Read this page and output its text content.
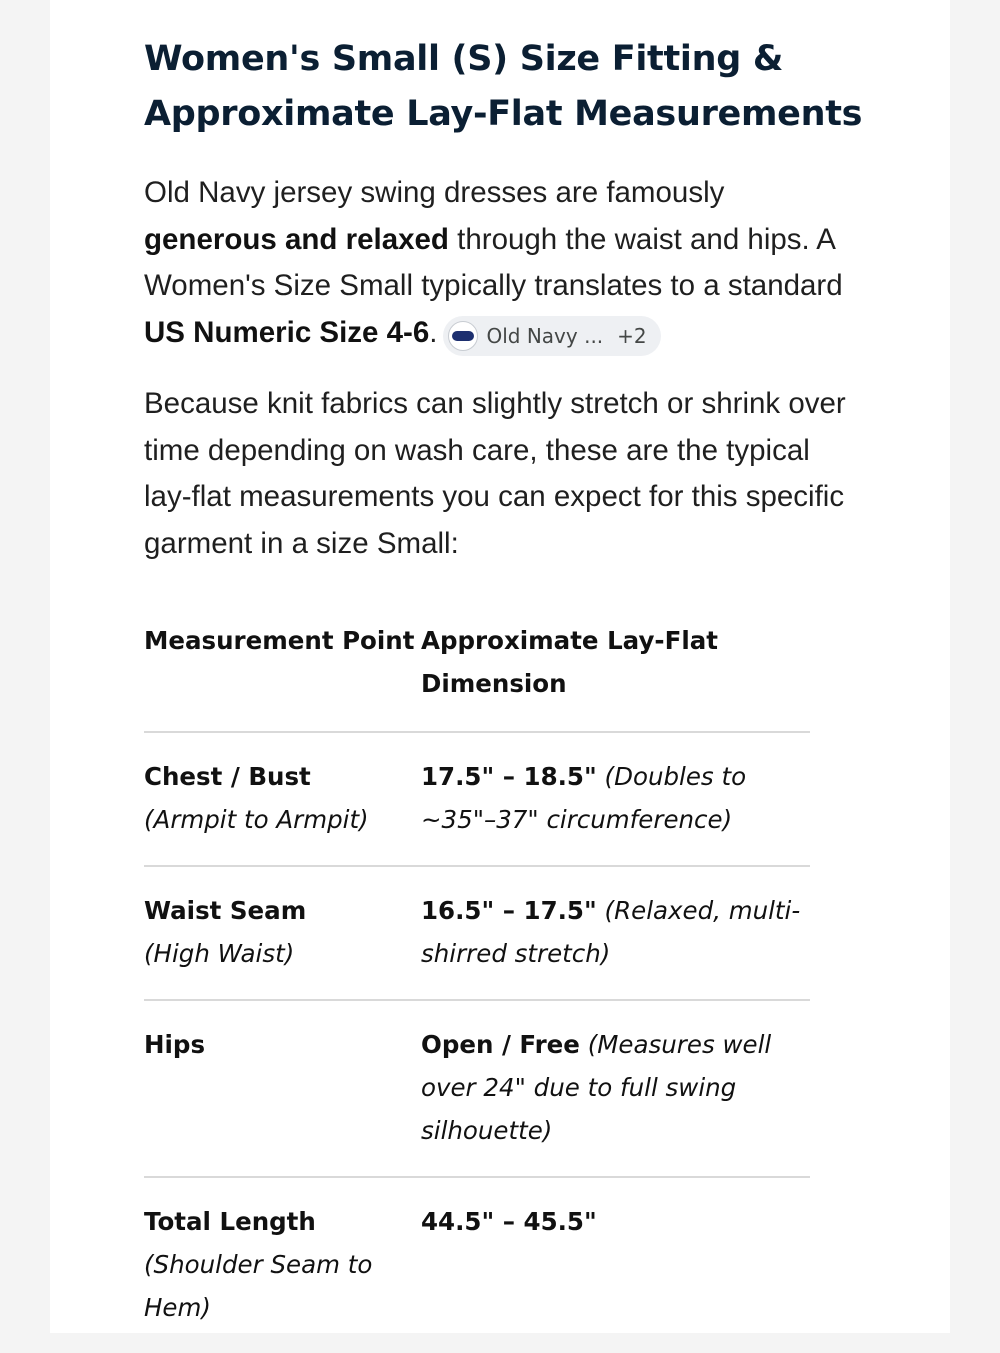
Women's Small (S) Size Fitting &
Approximate Lay-Flat Measurements

Old Navy jersey swing dresses are famously generous and relaxed through the waist and hips. A Women's Size Small typically translates to a standard US Numeric Size 4-6. Old Navy ... +2

Because knit fabrics can slightly stretch or shrink over time depending on wash care, these are the typical lay-flat measurements you can expect for this specific garment in a size Small:

Measurement Point	Approximate Lay-Flat Dimension

Chest / Bust
(Armpit to Armpit)	17.5" – 18.5" (Doubles to ~35"–37" circumference)

Waist Seam
(High Waist)	16.5" – 17.5" (Relaxed, multi-shirred stretch)

Hips	Open / Free (Measures well over 24" due to full swing silhouette)

Total Length
(Shoulder Seam to Hem)	44.5" – 45.5"
